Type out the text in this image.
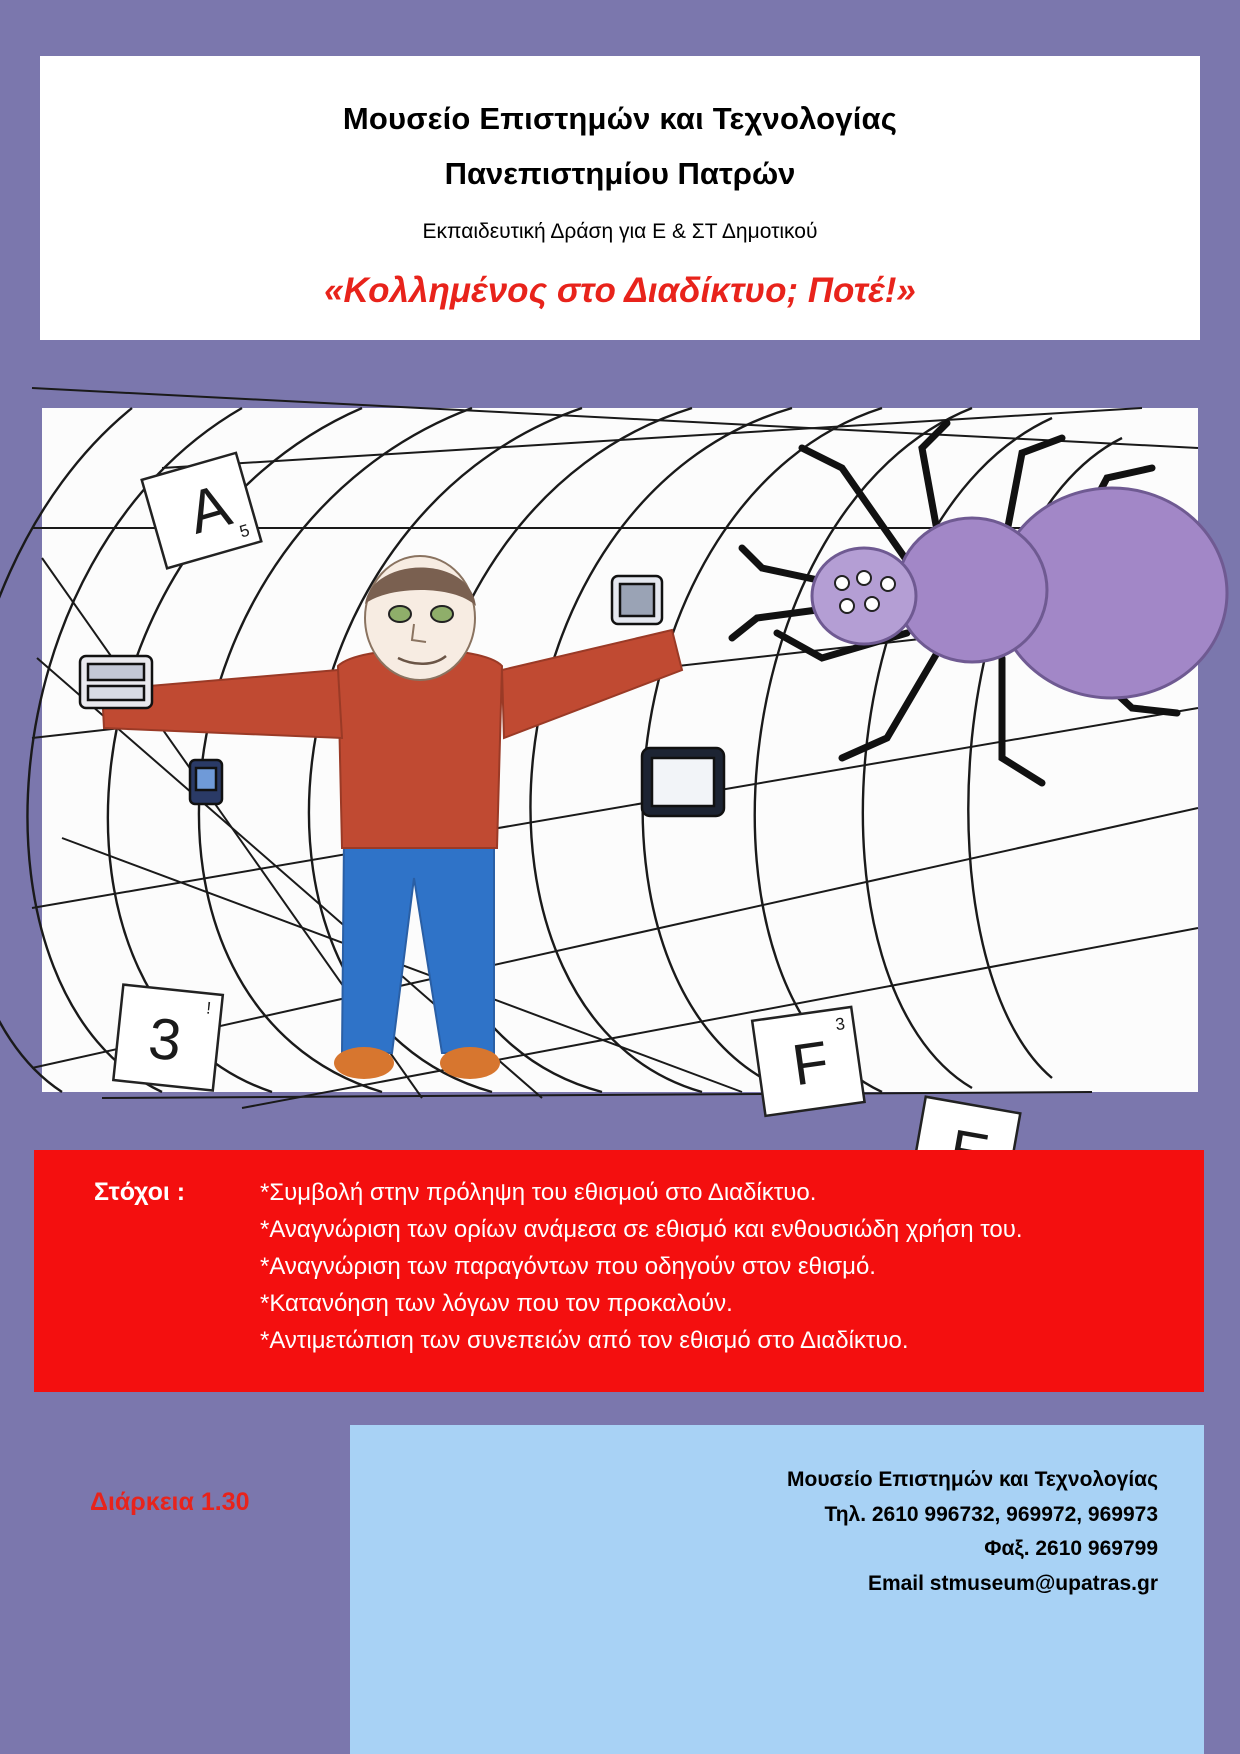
Μουσείο Επιστημών και Τεχνολογίας
Πανεπιστημίου Πατρών
Εκπαιδευτική Δράση για Ε & ΣΤ Δημοτικού
«Κολλημένος στο Διαδίκτυο; Ποτέ!»
A 5
F
3
3 !
Στόχοι :	*Συμβολή στην πρόληψη του εθισμού στο Διαδίκτυο.
*Αναγνώριση των ορίων ανάμεσα σε εθισμό και ενθουσιώδη χρήση του.
*Αναγνώριση των παραγόντων που οδηγούν στον εθισμό.
*Κατανόηση των λόγων που τον προκαλούν.
*Αντιμετώπιση των συνεπειών από τον εθισμό στο Διαδίκτυο.
Μουσείο Επιστημών και Τεχνολογίας
Τηλ. 2610 996732, 969972, 969973
Φαξ. 2610 969799
Email stmuseum@upatras.gr
Διάρκεια 1.30
